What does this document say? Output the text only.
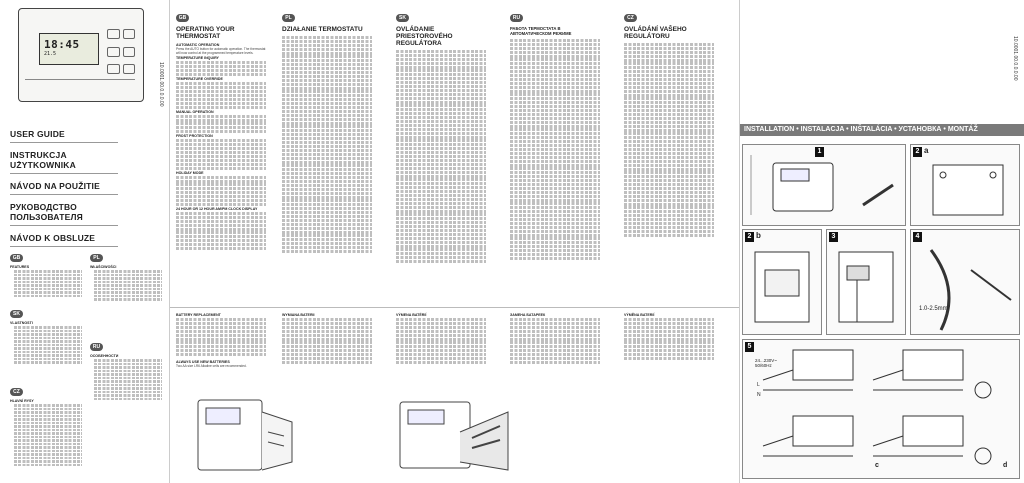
18:45
21.5
10.0001.00.0.0.0.00
USER GUIDE
INSTRUKCJA UŻYTKOWNIKA
NÁVOD NA POUŽITIE
РУКОВОДСТВО ПОЛЬЗОВАТЕЛЯ
NÁVOD K OBSLUZE
GB
FEATURES
PL
WŁAŚCIWOŚCI
SK
VLASTNOSTI
RU
ОСОБЕННОСТИ
CZ
HLAVNÍ RYSY
GB
OPERATING YOUR THERMOSTAT
AUTOMATIC OPERATION

Press the AUTO button for automatic operation. The thermostat will now control at the programmed temperature levels.

TEMPERATURE INQUIRY
TEMPERATURE OVERRIDE
MANUAL OPERATION
FROST PROTECTION
HOLIDAY MODE
24 HOUR OR 12 HOUR AM/PM CLOCK DISPLAY
PL
DZIAŁANIE TERMOSTATU
SK
OVLÁDANIE PRIESTOROVÉHO REGULÁTORA
RU
РАБОТА ТЕРМОСТАТА В АВТОМАТИЧЕСКОМ РЕЖИМЕ
CZ
OVLÁDÁNÍ VAŠEHO REGULÁTORU
BATTERY REPLACEMENT
ALWAYS USE NEW BATTERIES

Two AA size LR6 Alkaline cells are recommended.

WYMIANA BATERII	VÝMENA BATÉRIÍ	ЗАМЕНА БАТАРЕЕК	VÝMĚNA BATERIÍ
10.0001.00.0.0.0.00
INSTALLATION • INSTALACJA • INŠTALÁCIA • УСТАНОВКА • MONTÁŽ
1	2 a
2 b	3	4
1.0-2.5mm²
5
24...230V~ 50/60Hz
c	d
L
N
